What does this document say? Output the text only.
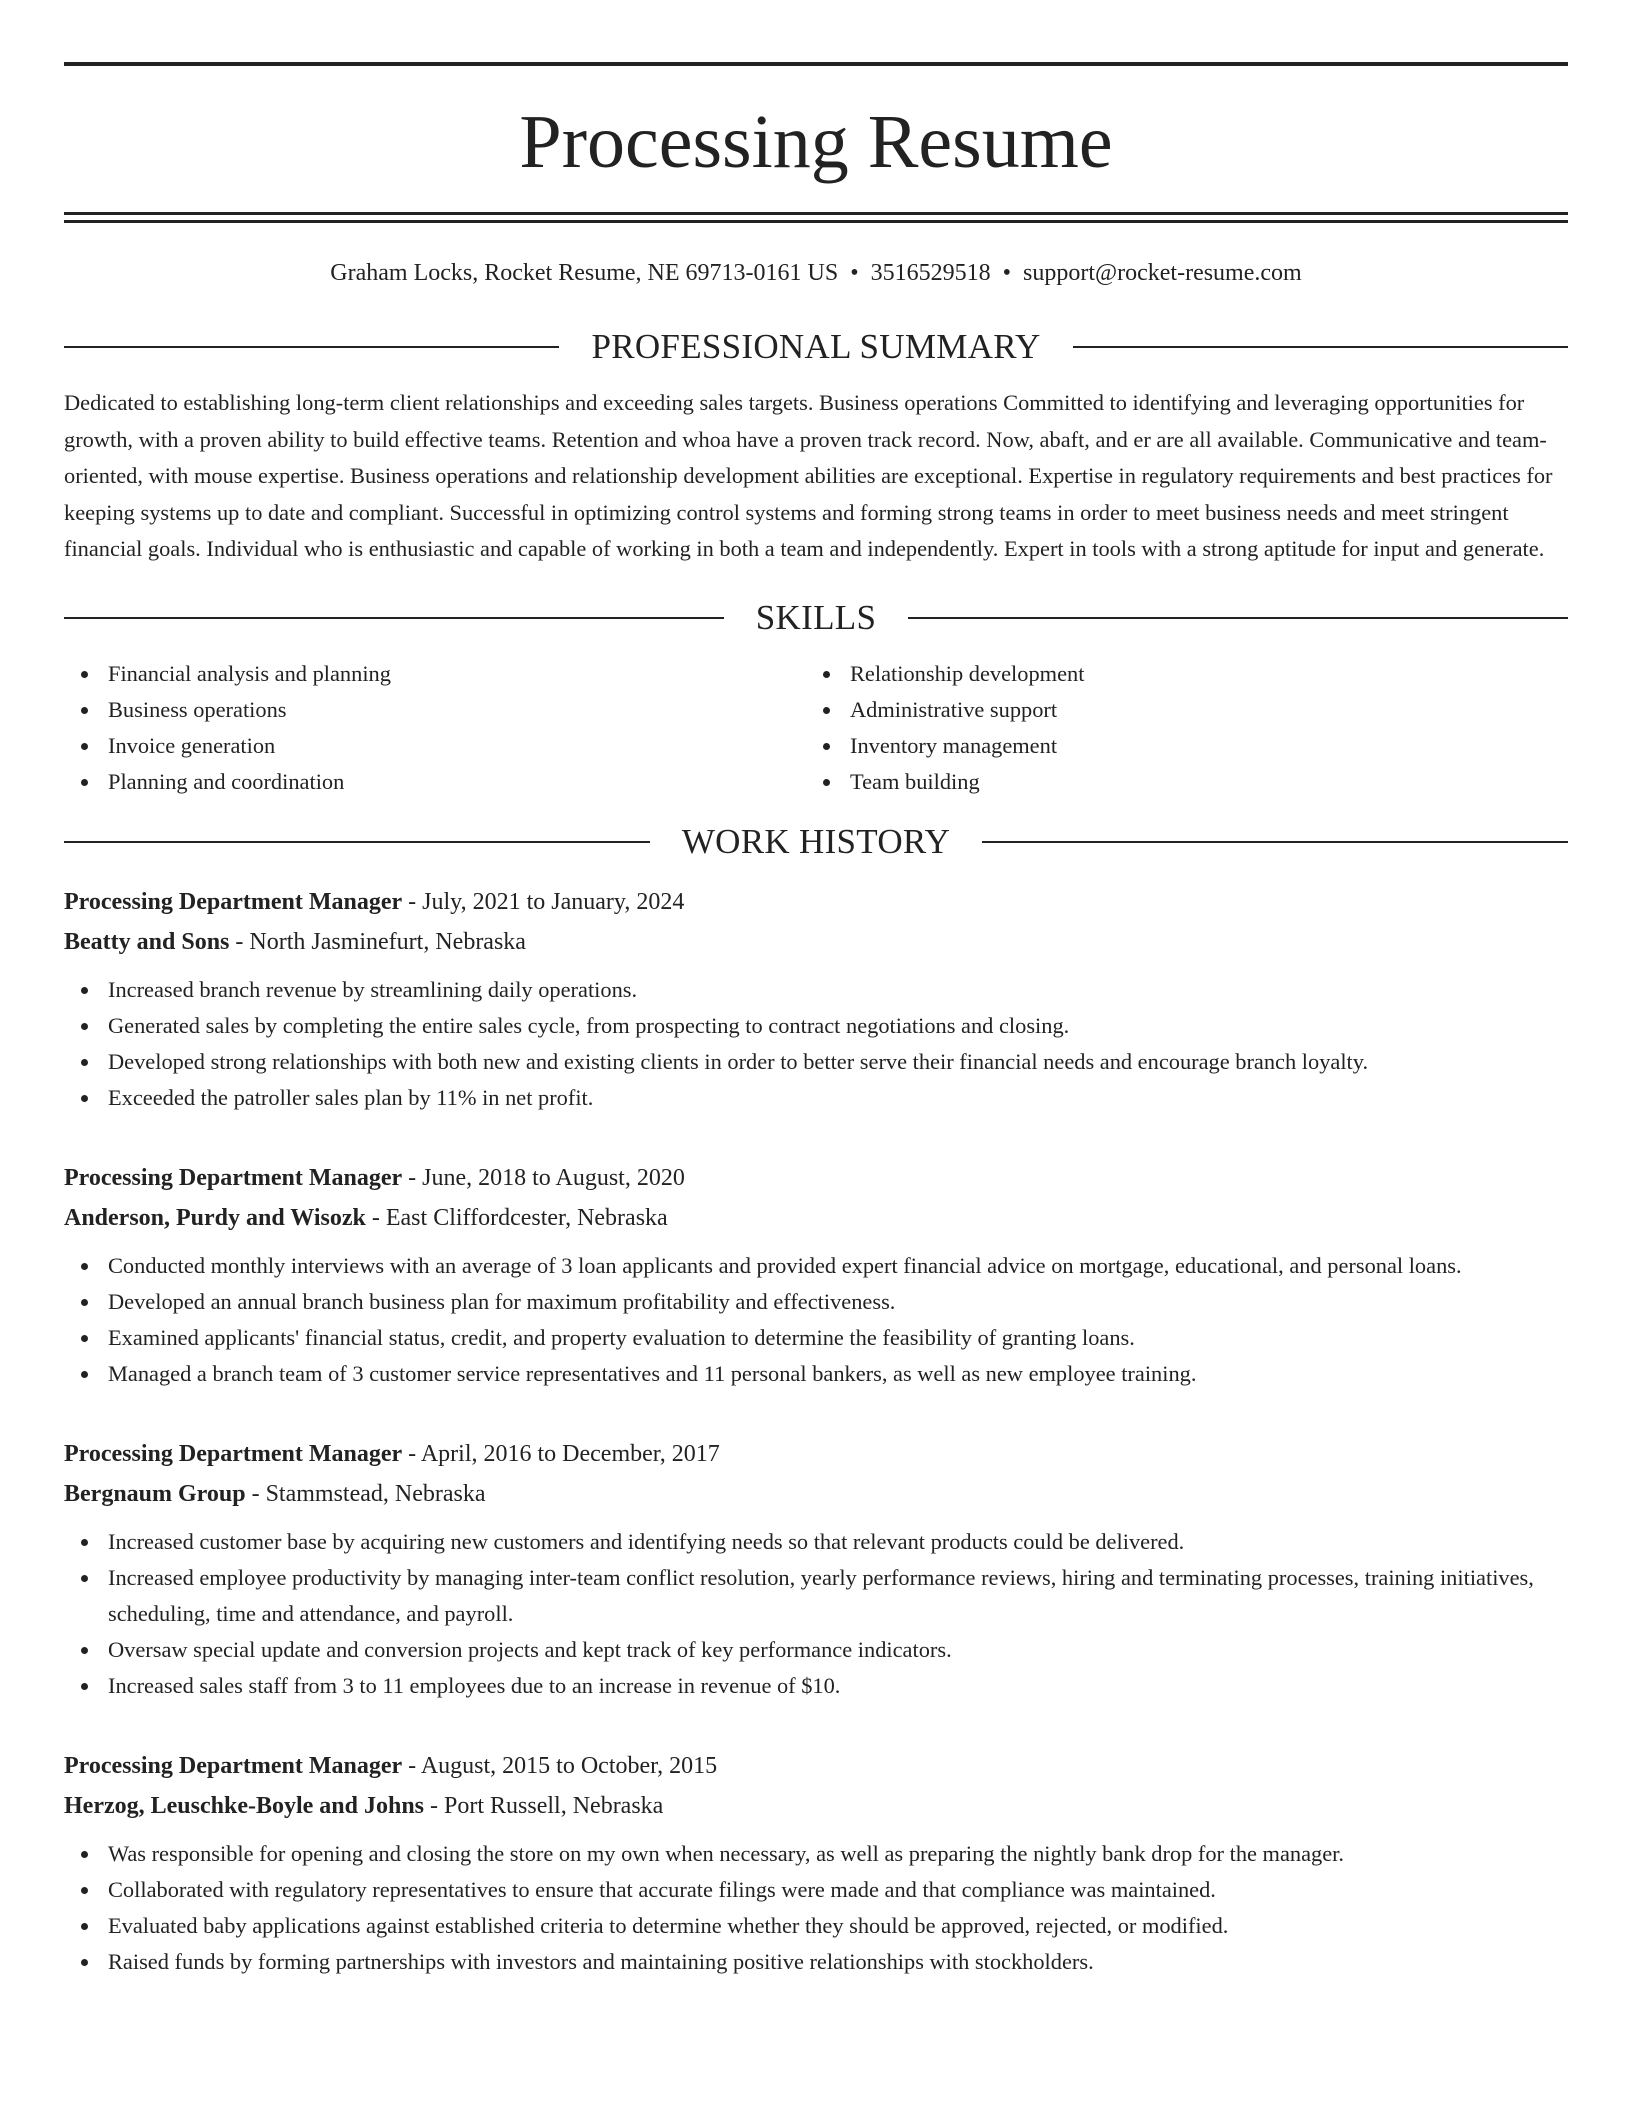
Processing Resume
Graham Locks, Rocket Resume, NE 69713-0161 US • 3516529518 • support@rocket-resume.com
PROFESSIONAL SUMMARY
Dedicated to establishing long-term client relationships and exceeding sales targets. Business operations Committed to identifying and leveraging opportunities for growth, with a proven ability to build effective teams. Retention and whoa have a proven track record. Now, abaft, and er are all available. Communicative and team-oriented, with mouse expertise. Business operations and relationship development abilities are exceptional. Expertise in regulatory requirements and best practices for keeping systems up to date and compliant. Successful in optimizing control systems and forming strong teams in order to meet business needs and meet stringent financial goals. Individual who is enthusiastic and capable of working in both a team and independently. Expert in tools with a strong aptitude for input and generate.
SKILLS
Financial analysis and planning
Business operations
Invoice generation
Planning and coordination
Relationship development
Administrative support
Inventory management
Team building
WORK HISTORY
Processing Department Manager - July, 2021 to January, 2024
Beatty and Sons - North Jasminefurt, Nebraska
Increased branch revenue by streamlining daily operations.
Generated sales by completing the entire sales cycle, from prospecting to contract negotiations and closing.
Developed strong relationships with both new and existing clients in order to better serve their financial needs and encourage branch loyalty.
Exceeded the patroller sales plan by 11% in net profit.
Processing Department Manager - June, 2018 to August, 2020
Anderson, Purdy and Wisozk - East Cliffordcester, Nebraska
Conducted monthly interviews with an average of 3 loan applicants and provided expert financial advice on mortgage, educational, and personal loans.
Developed an annual branch business plan for maximum profitability and effectiveness.
Examined applicants' financial status, credit, and property evaluation to determine the feasibility of granting loans.
Managed a branch team of 3 customer service representatives and 11 personal bankers, as well as new employee training.
Processing Department Manager - April, 2016 to December, 2017
Bergnaum Group - Stammstead, Nebraska
Increased customer base by acquiring new customers and identifying needs so that relevant products could be delivered.
Increased employee productivity by managing inter-team conflict resolution, yearly performance reviews, hiring and terminating processes, training initiatives, scheduling, time and attendance, and payroll.
Oversaw special update and conversion projects and kept track of key performance indicators.
Increased sales staff from 3 to 11 employees due to an increase in revenue of $10.
Processing Department Manager - August, 2015 to October, 2015
Herzog, Leuschke-Boyle and Johns - Port Russell, Nebraska
Was responsible for opening and closing the store on my own when necessary, as well as preparing the nightly bank drop for the manager.
Collaborated with regulatory representatives to ensure that accurate filings were made and that compliance was maintained.
Evaluated baby applications against established criteria to determine whether they should be approved, rejected, or modified.
Raised funds by forming partnerships with investors and maintaining positive relationships with stockholders.
